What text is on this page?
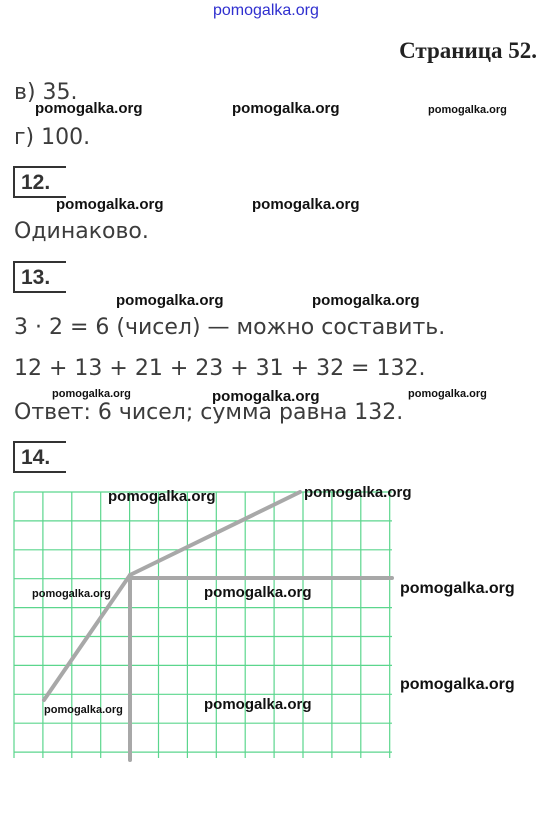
pomogalka.org
Страница 52.
в) 35.
г) 100.
12.
Одинаково.
13.
3 · 2 = 6 (чисел) — можно составить.
12 + 13 + 21 + 23 + 31 + 32 = 132.
Ответ: 6 чисел; сумма равна 132.
14.
pomogalka.org	pomogalka.org	pomogalka.org
pomogalka.org	pomogalka.org
pomogalka.org	pomogalka.org
pomogalka.org	pomogalka.org	pomogalka.org
pomogalka.org	pomogalka.org
pomogalka.org	pomogalka.org	pomogalka.org
pomogalka.org
pomogalka.org	pomogalka.org
